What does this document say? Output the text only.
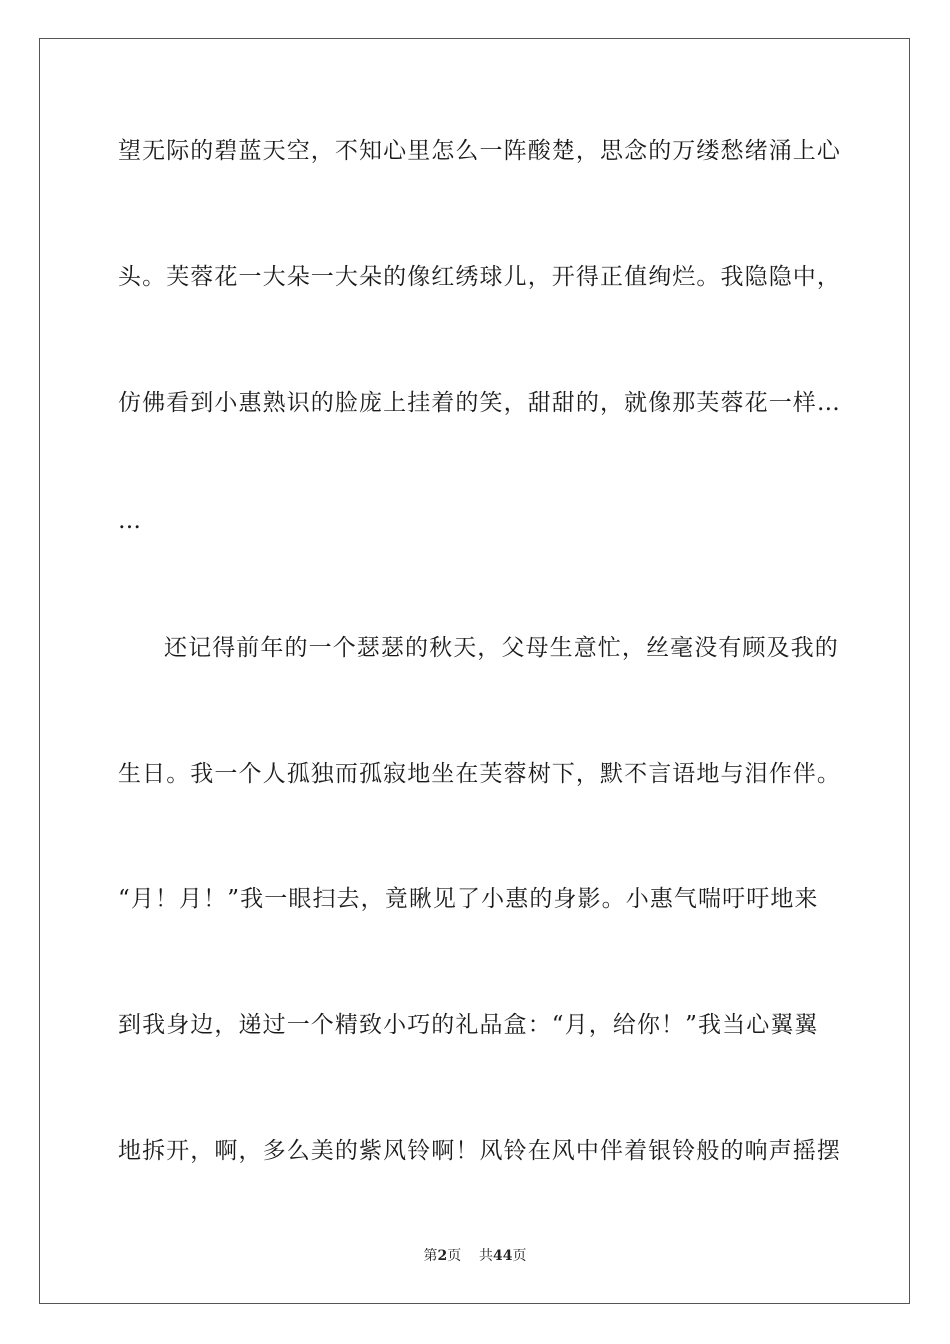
望无际的碧蓝天空，不知心里怎么一阵酸楚，思念的万缕愁绪涌上心
头。芙蓉花一大朵一大朵的像红绣球儿，开得正值绚烂。我隐隐中，
仿佛看到小惠熟识的脸庞上挂着的笑，甜甜的，就像那芙蓉花一样…
…
还记得前年的一个瑟瑟的秋天，父母生意忙，丝毫没有顾及我的
生日。我一个人孤独而孤寂地坐在芙蓉树下，默不言语地与泪作伴。
“月！月！”我一眼扫去，竟瞅见了小惠的身影。小惠气喘吁吁地来
到我身边，递过一个精致小巧的礼品盒：“月，给你！”我当心翼翼
地拆开，啊，多么美的紫风铃啊！风铃在风中伴着银铃般的响声摇摆
第2页 共44页
